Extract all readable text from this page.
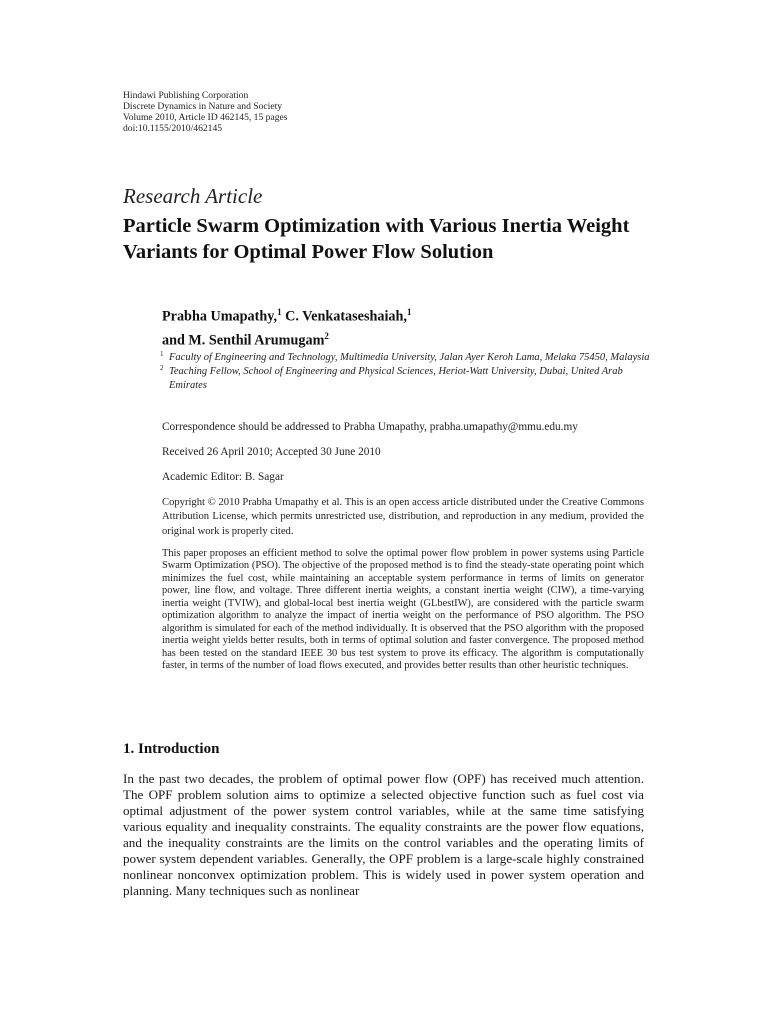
Hindawi Publishing Corporation
Discrete Dynamics in Nature and Society
Volume 2010, Article ID 462145, 15 pages
doi:10.1155/2010/462145
Research Article
Particle Swarm Optimization with Various Inertia Weight Variants for Optimal Power Flow Solution
Prabha Umapathy,$^1$ C. Venkataseshaiah,$^1$
and M. Senthil Arumugam$^2$
1 Faculty of Engineering and Technology, Multimedia University, Jalan Ayer Keroh Lama, Melaka 75450, Malaysia
2 Teaching Fellow, School of Engineering and Physical Sciences, Heriot-Watt University, Dubai, United Arab Emirates
Correspondence should be addressed to Prabha Umapathy, prabha.umapathy@mmu.edu.my
Received 26 April 2010; Accepted 30 June 2010
Academic Editor: B. Sagar
Copyright © 2010 Prabha Umapathy et al. This is an open access article distributed under the Creative Commons Attribution License, which permits unrestricted use, distribution, and reproduction in any medium, provided the original work is properly cited.
This paper proposes an efficient method to solve the optimal power flow problem in power systems using Particle Swarm Optimization (PSO). The objective of the proposed method is to find the steady-state operating point which minimizes the fuel cost, while maintaining an acceptable system performance in terms of limits on generator power, line flow, and voltage. Three different inertia weights, a constant inertia weight (CIW), a time-varying inertia weight (TVIW), and global-local best inertia weight (GLbestIW), are considered with the particle swarm optimization algorithm to analyze the impact of inertia weight on the performance of PSO algorithm. The PSO algorithm is simulated for each of the method individually. It is observed that the PSO algorithm with the proposed inertia weight yields better results, both in terms of optimal solution and faster convergence. The proposed method has been tested on the standard IEEE 30 bus test system to prove its efficacy. The algorithm is computationally faster, in terms of the number of load flows executed, and provides better results than other heuristic techniques.
1. Introduction
In the past two decades, the problem of optimal power flow (OPF) has received much attention. The OPF problem solution aims to optimize a selected objective function such as fuel cost via optimal adjustment of the power system control variables, while at the same time satisfying various equality and inequality constraints. The equality constraints are the power flow equations, and the inequality constraints are the limits on the control variables and the operating limits of power system dependent variables. Generally, the OPF problem is a large-scale highly constrained nonlinear nonconvex optimization problem. This is widely used in power system operation and planning. Many techniques such as nonlinear
